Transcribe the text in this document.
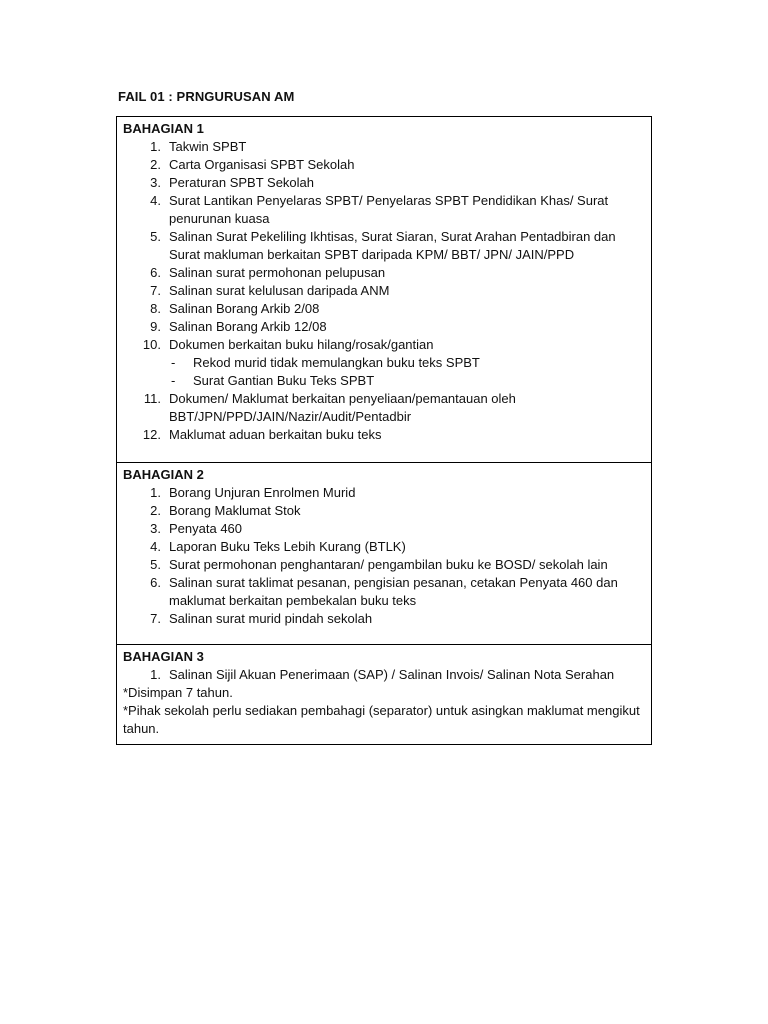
FAIL 01 : PRNGURUSAN AM
BAHAGIAN 1
1. Takwin SPBT
2. Carta Organisasi SPBT Sekolah
3. Peraturan SPBT Sekolah
4. Surat Lantikan Penyelaras SPBT/ Penyelaras SPBT Pendidikan Khas/ Surat penurunan kuasa
5. Salinan Surat Pekeliling Ikhtisas, Surat Siaran, Surat Arahan Pentadbiran dan Surat makluman berkaitan SPBT daripada KPM/ BBT/ JPN/ JAIN/PPD
6. Salinan surat permohonan pelupusan
7. Salinan surat kelulusan daripada ANM
8. Salinan Borang Arkib 2/08
9. Salinan Borang Arkib 12/08
10. Dokumen berkaitan buku hilang/rosak/gantian
- Rekod murid tidak memulangkan buku teks SPBT
- Surat Gantian Buku Teks SPBT
11. Dokumen/ Maklumat berkaitan penyeliaan/pemantauan oleh BBT/JPN/PPD/JAIN/Nazir/Audit/Pentadbir
12. Maklumat aduan berkaitan buku teks

BAHAGIAN 2
1. Borang Unjuran Enrolmen Murid
2. Borang Maklumat Stok
3. Penyata 460
4. Laporan Buku Teks Lebih Kurang (BTLK)
5. Surat permohonan penghantaran/ pengambilan buku ke BOSD/ sekolah lain
6. Salinan surat taklimat pesanan, pengisian pesanan, cetakan Penyata 460 dan maklumat berkaitan pembekalan buku teks
7. Salinan surat murid pindah sekolah

BAHAGIAN 3
1. Salinan Sijil Akuan Penerimaan (SAP) / Salinan Invois/ Salinan Nota Serahan
*Disimpan 7 tahun.
*Pihak sekolah perlu sediakan pembahagi (separator) untuk asingkan maklumat mengikut tahun.
